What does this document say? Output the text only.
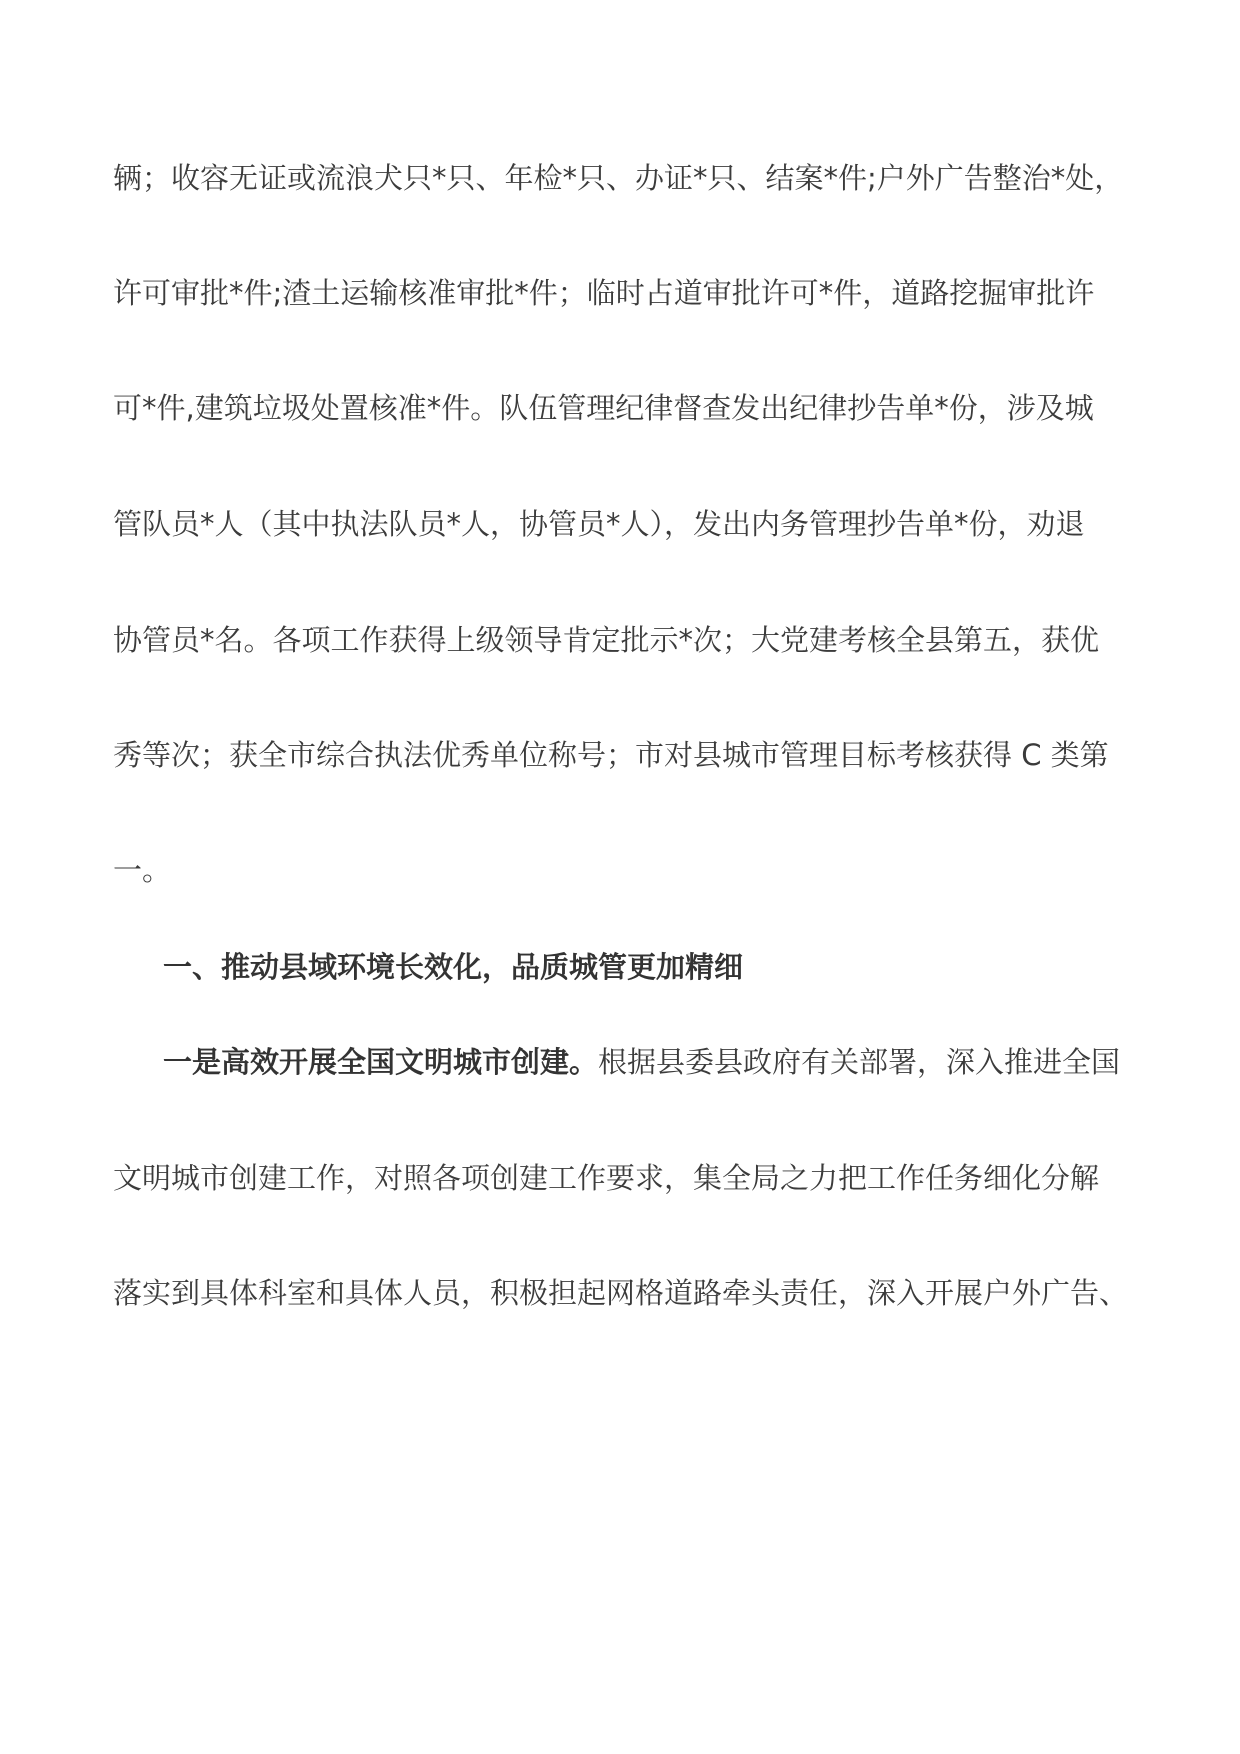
辆；收容无证或流浪犬只*只、年检*只、办证*只、结案*件;户外广告整治*处，
许可审批*件;渣土运输核准审批*件；临时占道审批许可*件，道路挖掘审批许
可*件,建筑垃圾处置核准*件。队伍管理纪律督查发出纪律抄告单*份，涉及城
管队员*人（其中执法队员*人，协管员*人），发出内务管理抄告单*份，劝退
协管员*名。各项工作获得上级领导肯定批示*次；大党建考核全县第五，获优
秀等次；获全市综合执法优秀单位称号；市对县城市管理目标考核获得 C 类第
一。
一、推动县域环境长效化，品质城管更加精细
一是高效开展全国文明城市创建。根据县委县政府有关部署，深入推进全国
文明城市创建工作，对照各项创建工作要求，集全局之力把工作任务细化分解
落实到具体科室和具体人员，积极担起网格道路牵头责任，深入开展户外广告、
